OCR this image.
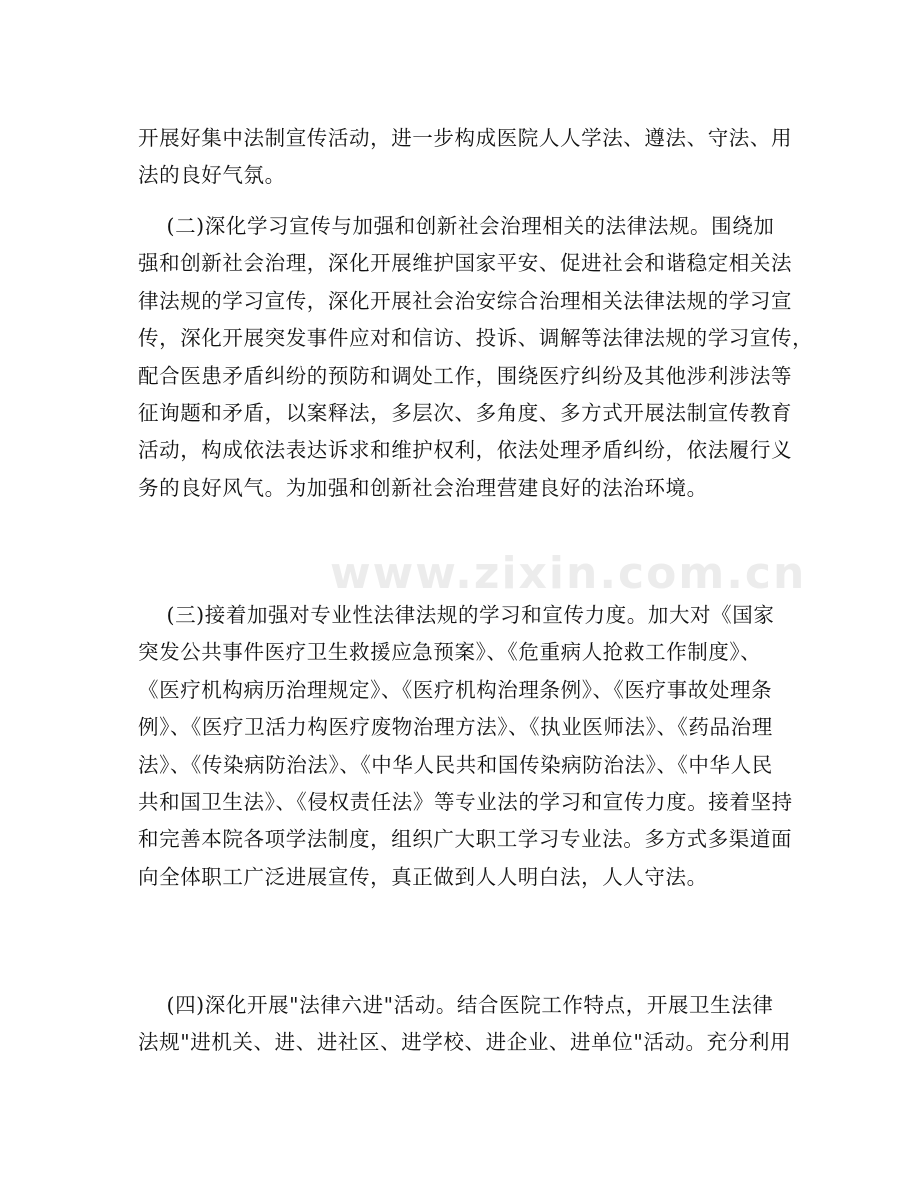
开展好集中法制宣传活动，进一步构成医院人人学法、遵法、守法、用
法的良好气氛。
(二)深化学习宣传与加强和创新社会治理相关的法律法规。围绕加
强和创新社会治理，深化开展维护国家平安、促进社会和谐稳定相关法
律法规的学习宣传，深化开展社会治安综合治理相关法律法规的学习宣
传，深化开展突发事件应对和信访、投诉、调解等法律法规的学习宣传，
配合医患矛盾纠纷的预防和调处工作，围绕医疗纠纷及其他涉利涉法等
征询题和矛盾，以案释法，多层次、多角度、多方式开展法制宣传教育
活动，构成依法表达诉求和维护权利，依法处理矛盾纠纷，依法履行义
务的良好风气。为加强和创新社会治理营建良好的法治环境。
(三)接着加强对专业性法律法规的学习和宣传力度。加大对《国家
突发公共事件医疗卫生救援应急预案》、《危重病人抢救工作制度》、
《医疗机构病历治理规定》、《医疗机构治理条例》、《医疗事故处理条
例》、《医疗卫活力构医疗废物治理方法》、《执业医师法》、《药品治理
法》、《传染病防治法》、《中华人民共和国传染病防治法》、《中华人民
共和国卫生法》、《侵权责任法》等专业法的学习和宣传力度。接着坚持
和完善本院各项学法制度，组织广大职工学习专业法。多方式多渠道面
向全体职工广泛进展宣传，真正做到人人明白法，人人守法。
(四)深化开展"法律六进"活动。结合医院工作特点，开展卫生法律
法规"进机关、进、进社区、进学校、进企业、进单位"活动。充分利用
www.zixin.com.cn
